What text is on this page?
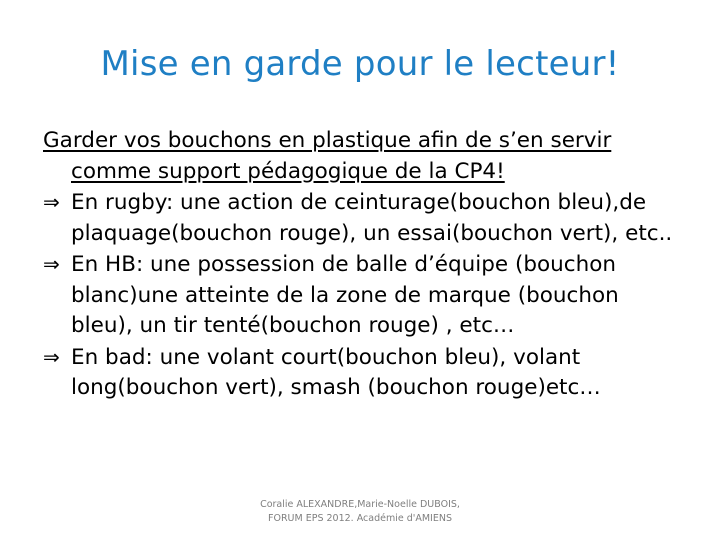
Mise en garde pour le lecteur!

Garder vos bouchons en plastique afin de s’en servir comme support pédagogique de la CP4!

⇒ En rugby: une action de ceinturage(bouchon bleu),de plaquage(bouchon rouge), un essai(bouchon vert), etc..

⇒ En HB: une possession de balle d’équipe (bouchon blanc)une atteinte de la zone de marque (bouchon bleu), un tir tenté(bouchon rouge) , etc…

⇒ En bad: une volant court(bouchon bleu), volant long(bouchon vert), smash (bouchon rouge)etc…

Coralie ALEXANDRE,Marie-Noelle DUBOIS,
FORUM EPS 2012. Académie d'AMIENS
